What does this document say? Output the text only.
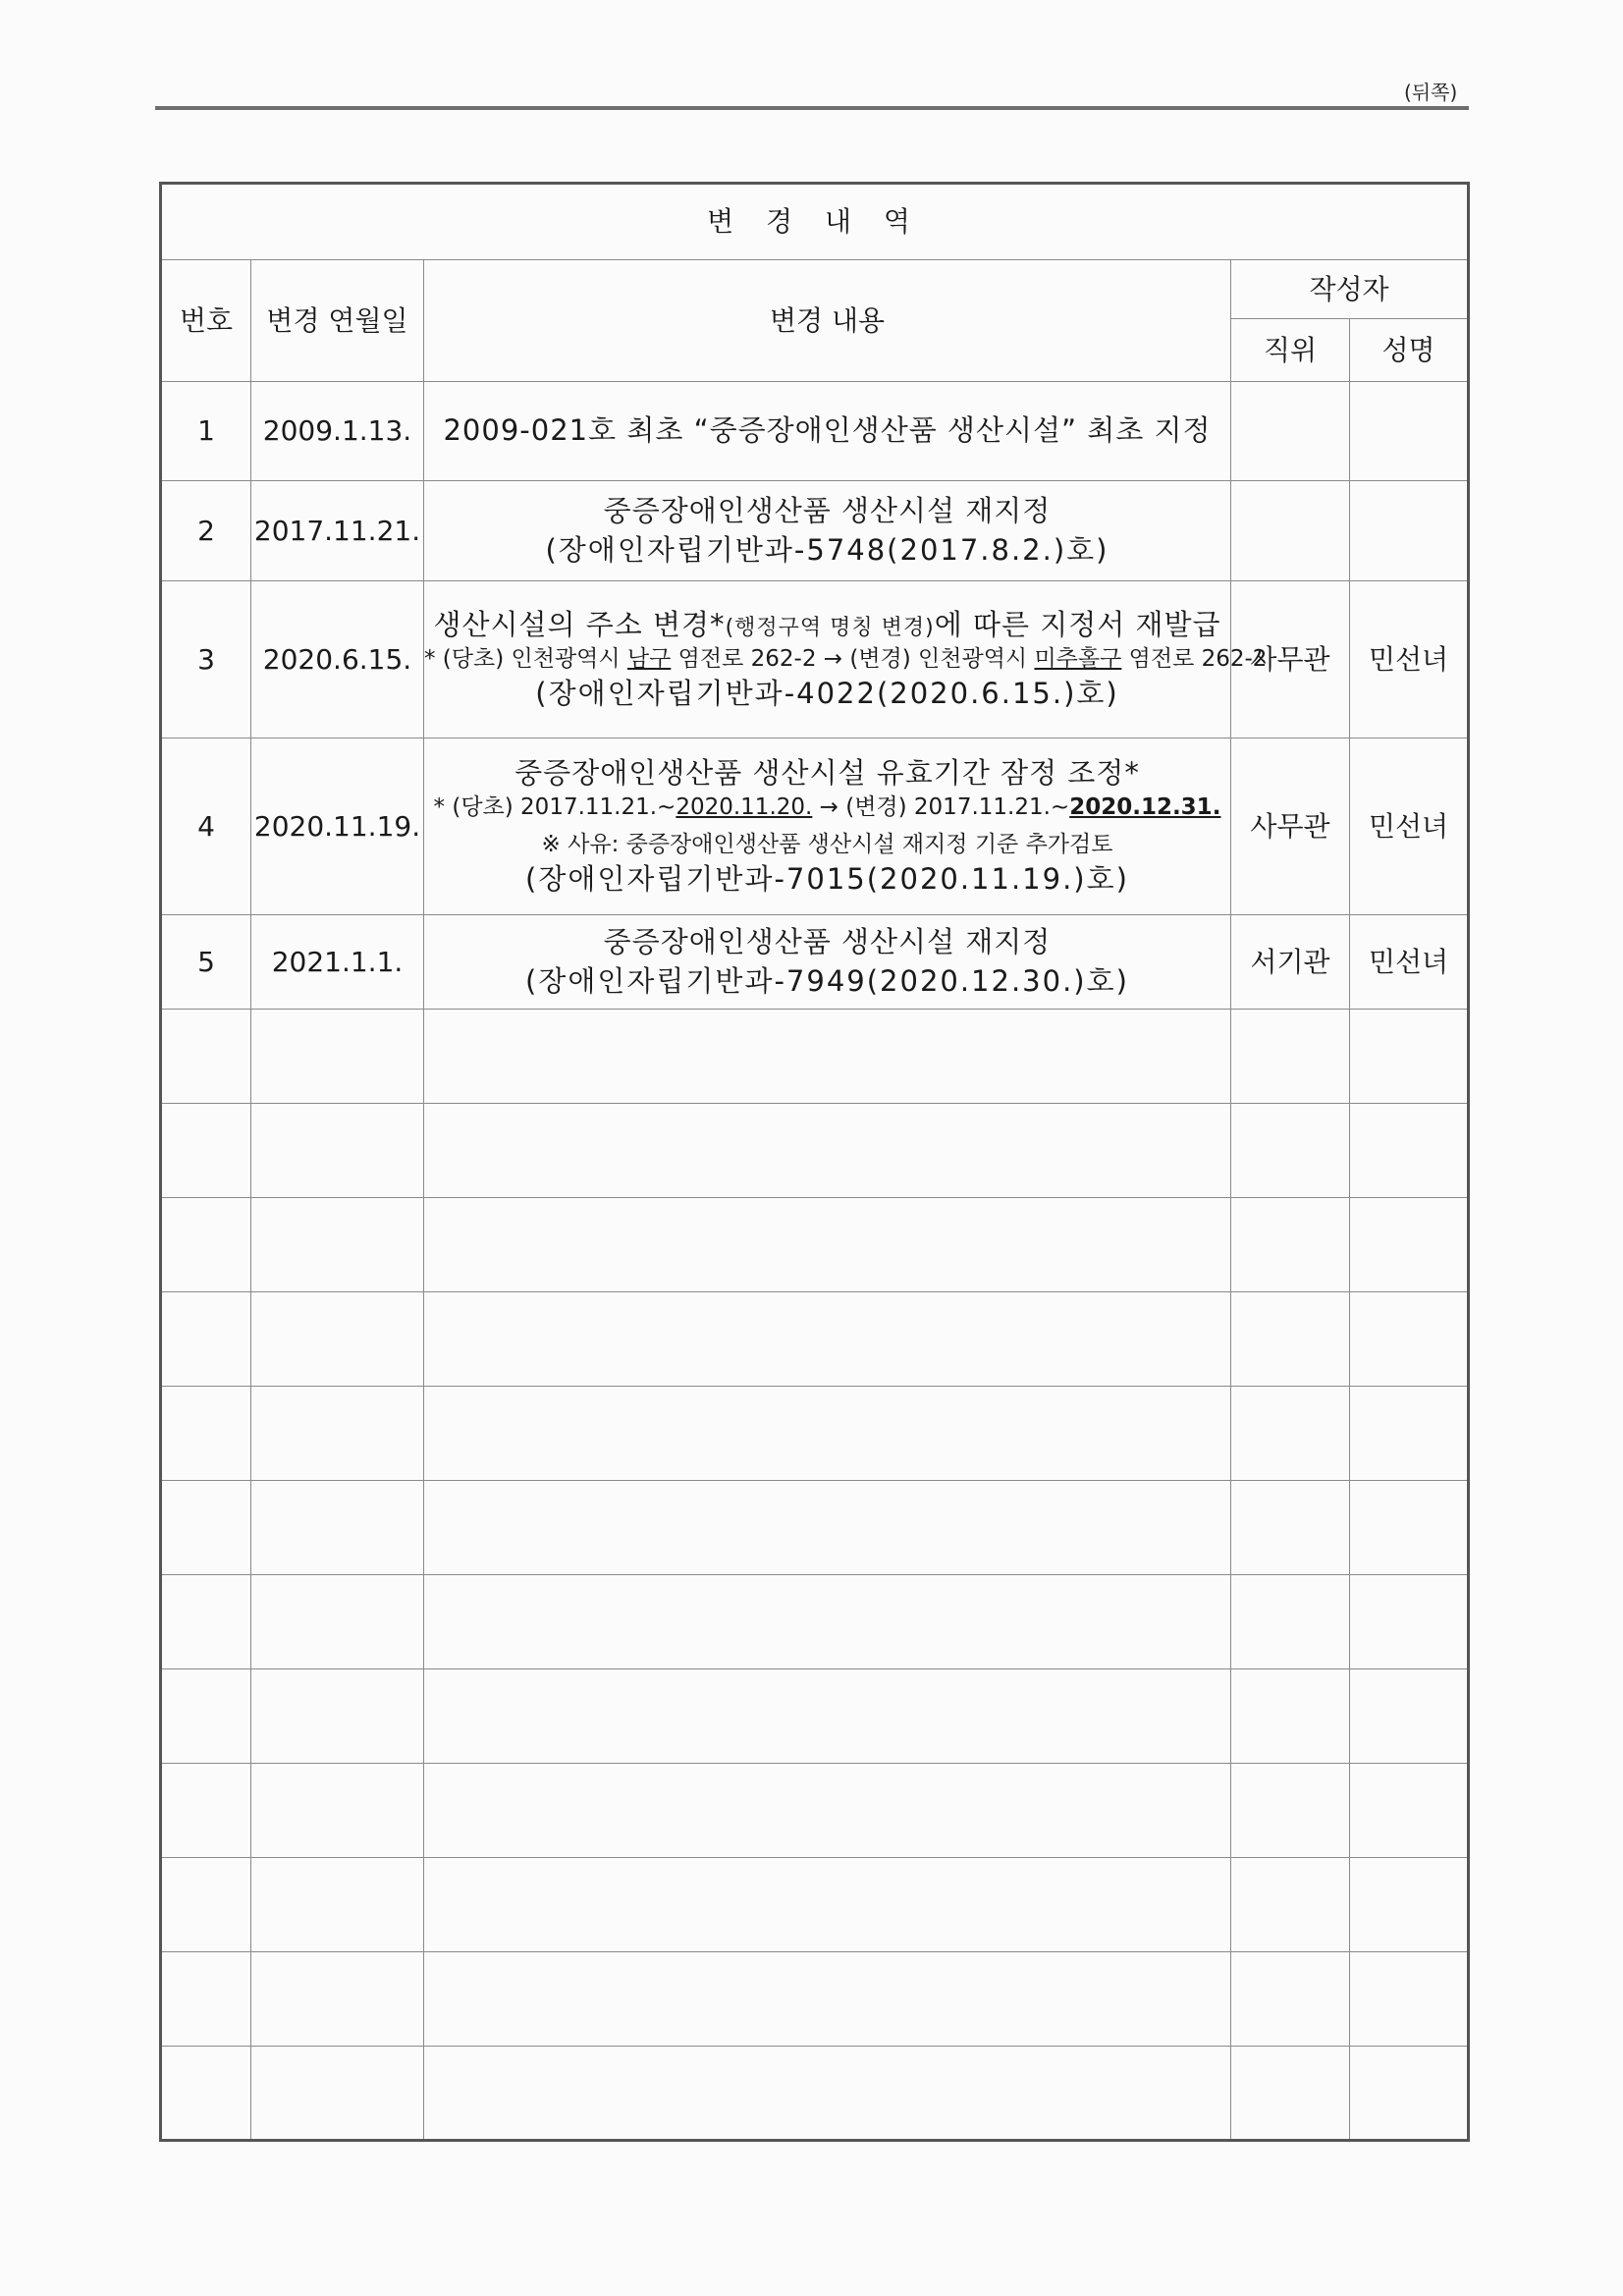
(뒤쪽)
변 경 내 역				
번호	변경 연월일	변경 내용	작성자	
			직위	성명
1	2009.1.13.	2009-021호 최초 “중증장애인생산품 생산시설” 최초 지정		

2	2017.11.21.	중증장애인생산품 생산시설 재지정
(장애인자립기반과-5748(2017.8.2.)호)		

3	2020.6.15.	생산시설의 주소 변경*(행정구역 명칭 변경)에 따른 지정서 재발급
* (당초) 인천광역시 남구 염전로 262-2 → (변경) 인천광역시 미추홀구 염전로 262-2
(장애인자립기반과-4022(2020.6.15.)호)	사무관	민선녀
4	2020.11.19.	중증장애인생산품 생산시설 유효기간 잠정 조정*
* (당초) 2017.11.21.~2020.11.20. → (변경) 2017.11.21.~2020.12.31.
※ 사유: 중증장애인생산품 생산시설 재지정 기준 추가검토
(장애인자립기반과-7015(2020.11.19.)호)	사무관	민선녀
5	2021.1.1.	중증장애인생산품 생산시설 재지정
(장애인자립기반과-7949(2020.12.30.)호)	서기관	민선녀
